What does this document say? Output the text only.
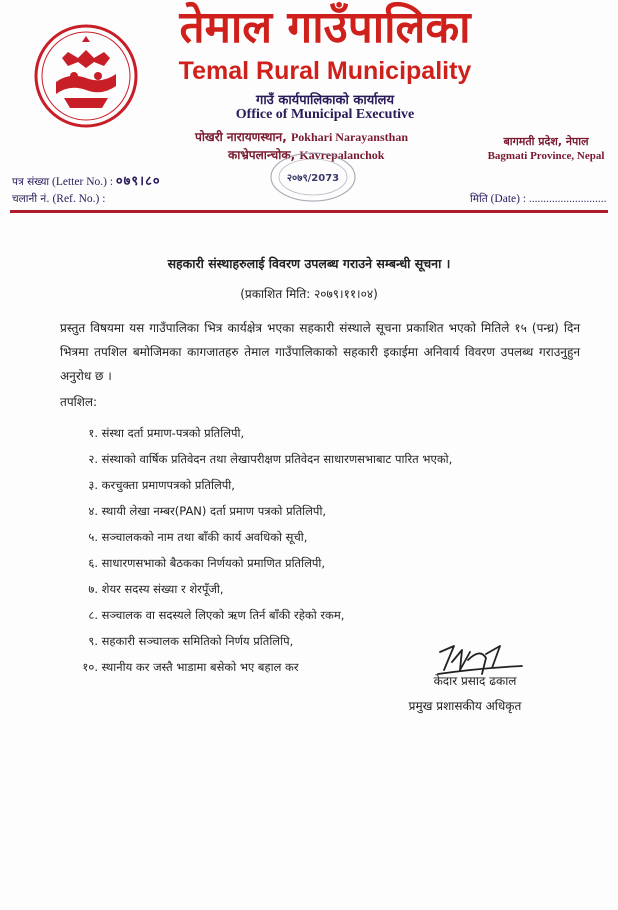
तेमाल गाउँपालिका
Temal Rural Municipality
गाउँ कार्यपालिकाको कार्यालय
Office of Municipal Executive
पोखरी नारायणस्थान, Pokhari Narayansthan
काभ्रेपलान्चोक, Kavrepalanchok
बागमती प्रदेश, नेपाल
Bagmati Province, Nepal
२०७९/2073
पत्र संख्या (Letter No.) : ०७९।८०
चलानी नं. (Ref. No.) :	मिति (Date) : ...........................
सहकारी संस्थाहरुलाई विवरण उपलब्ध गराउने सम्बन्धी सूचना ।
(प्रकाशित मिति: २०७९।११।०४)
प्रस्तुत विषयमा यस गाउँपालिका भित्र कार्यक्षेत्र भएका सहकारी संस्थाले सूचना प्रकाशित भएको मितिले १५ (पन्ध्र) दिन भित्रमा तपशिल बमोजिमका कागजातहरु तेमाल गाउँपालिकाको सहकारी इकाईमा अनिवार्य विवरण उपलब्ध गराउनुहुन अनुरोध छ ।
तपशिल:
१. संस्था दर्ता प्रमाण-पत्रको प्रतिलिपी,
२. संस्थाको वार्षिक प्रतिवेदन तथा लेखापरीक्षण प्रतिवेदन साधारणसभाबाट पारित भएको,
३. करचुक्ता प्रमाणपत्रको प्रतिलिपी,
४. स्थायी लेखा नम्बर(PAN) दर्ता प्रमाण पत्रको प्रतिलिपी,
५. सञ्चालकको नाम तथा बाँकी कार्य अवधिको सूची,
६. साधारणसभाको बैठकका निर्णयको प्रमाणित प्रतिलिपी,
७. शेयर सदस्य संख्या र शेरपूँजी,
८. सञ्चालक वा सदस्यले लिएको ऋण तिर्न बाँकी रहेको रकम,
९. सहकारी सञ्चालक समितिको निर्णय प्रतिलिपि,
१०. स्थानीय कर जस्तै भाडामा बसेको भए बहाल कर
केदार प्रसाद ढकाल
प्रमुख प्रशासकीय अधिकृत
